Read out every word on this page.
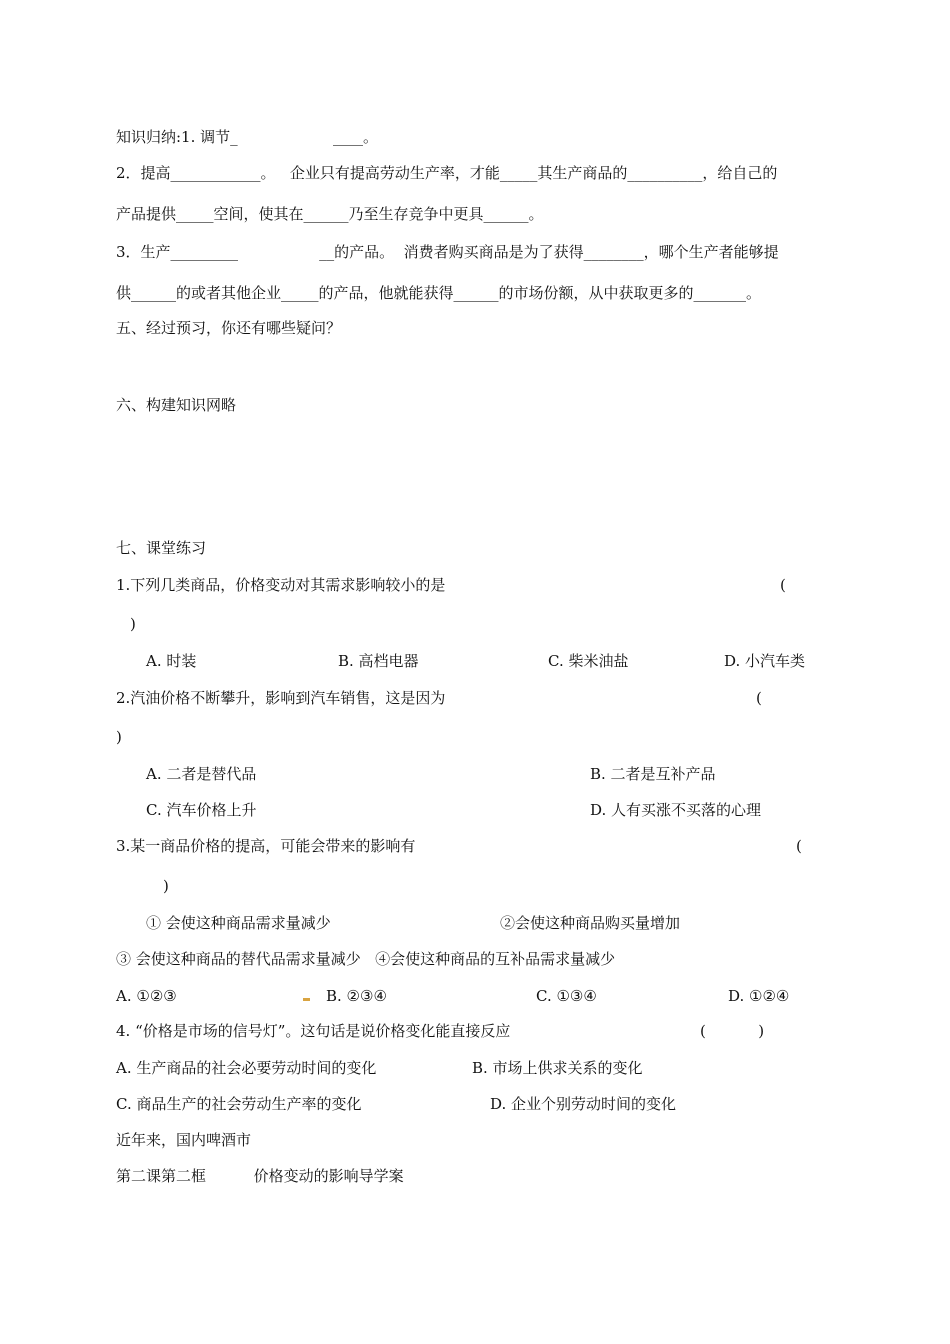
知识归纳:1. 调节_                    ____。
2．提高____________。   企业只有提高劳动生产率，才能_____其生产商品的__________，给自己的
产品提供_____空间，使其在______乃至生存竞争中更具______。
3．生产_________                 __的产品。  消费者购买商品是为了获得________，哪个生产者能够提
供______的或者其他企业_____的产品，他就能获得______的市场份额，从中获取更多的_______。
五、经过预习，你还有哪些疑问？
六、构建知识网略
七、课堂练习
1.下列几类商品，价格变动对其需求影响较小的是	(
)
A. 时装	B. 高档电器	C. 柴米油盐	D. 小汽车类
2.汽油价格不断攀升，影响到汽车销售，这是因为	(
)
A. 二者是替代品	B. 二者是互补产品
C. 汽车价格上升	D. 人有买涨不买落的心理
3.某一商品价格的提高，可能会带来的影响有	(
)
① 会使这种商品需求量减少	②会使这种商品购买量增加
③ 会使这种商品的替代品需求量减少   ④会使这种商品的互补品需求量减少
A. ①②③	B. ②③④	C. ①③④	D. ①②④
4. “价格是市场的信号灯”。这句话是说价格变化能直接反应	(           )
A. 生产商品的社会必要劳动时间的变化	B. 市场上供求关系的变化
C. 商品生产的社会劳动生产率的变化	D. 企业个别劳动时间的变化
近年来，国内啤酒市
第二课第二框          价格变动的影响导学案
